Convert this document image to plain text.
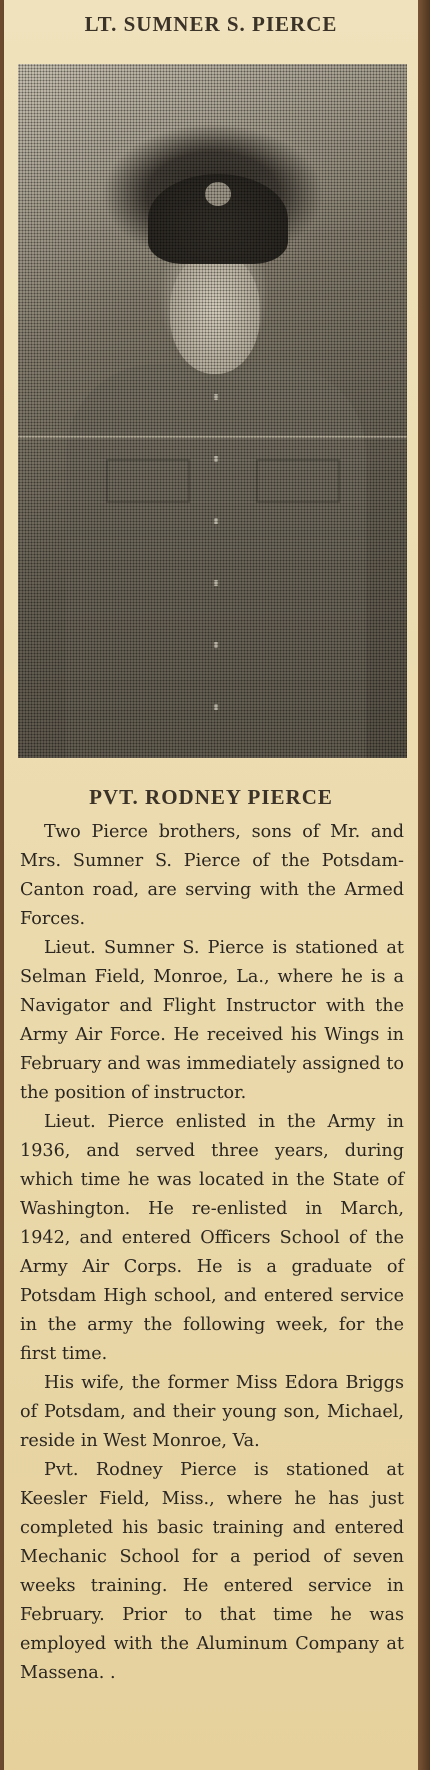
LT. SUMNER S. PIERCE
PVT. RODNEY PIERCE

Two Pierce brothers, sons of Mr. and Mrs. Sumner S. Pierce of the Potsdam-Canton road, are serving with the Armed Forces.

Lieut. Sumner S. Pierce is stationed at Selman Field, Monroe, La., where he is a Navigator and Flight Instructor with the Army Air Force. He received his Wings in February and was immediately assigned to the position of instructor.

Lieut. Pierce enlisted in the Army in 1936, and served three years, during which time he was located in the State of Washington. He re-enlisted in March, 1942, and entered Officers School of the Army Air Corps. He is a graduate of Potsdam High school, and entered service in the army the following week, for the first time.

His wife, the former Miss Edora Briggs of Potsdam, and their young son, Michael, reside in West Monroe, Va.

Pvt. Rodney Pierce is stationed at Keesler Field, Miss., where he has just completed his basic training and entered Mechanic School for a period of seven weeks training. He entered service in February. Prior to that time he was employed with the Aluminum Company at Massena. .
